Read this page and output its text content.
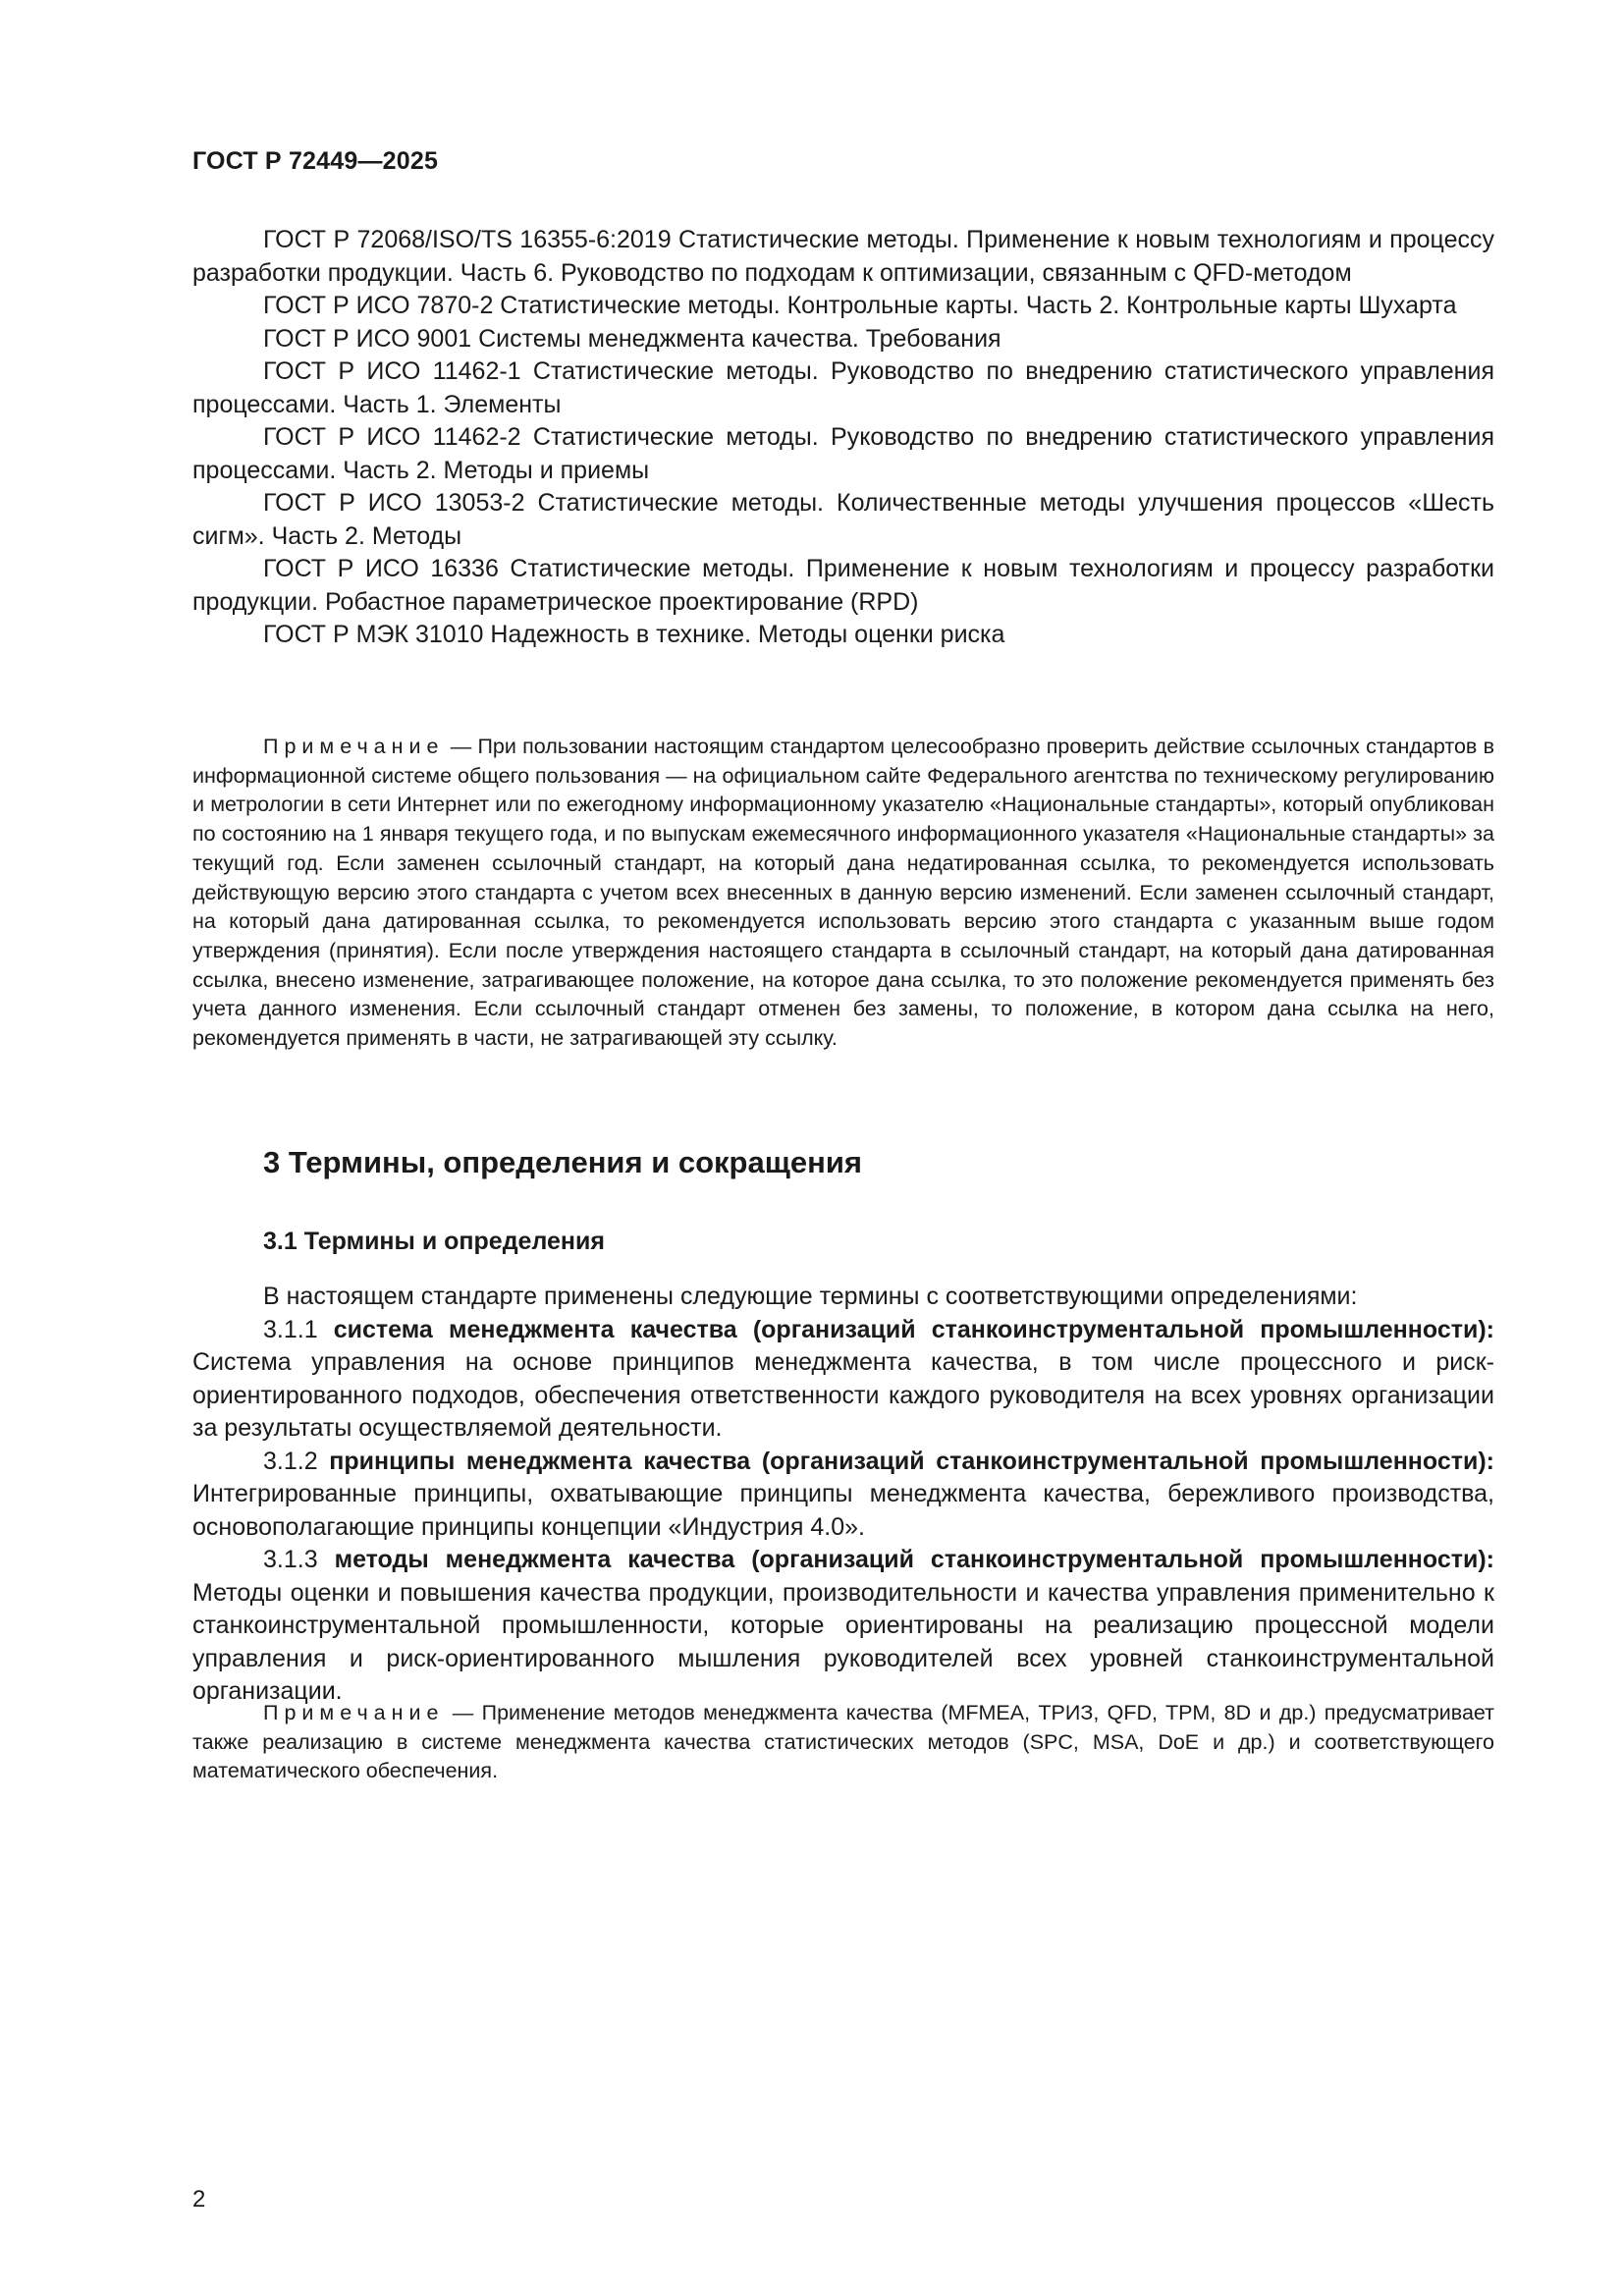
ГОСТ Р 72449—2025

ГОСТ Р 72068/ISO/TS 16355-6:2019 Статистические методы. Применение к новым технологиям и процессу разработки продукции. Часть 6. Руководство по подходам к оптимизации, связанным с QFD-методом

ГОСТ Р ИСО 7870-2 Статистические методы. Контрольные карты. Часть 2. Контрольные карты Шухарта

ГОСТ Р ИСО 9001 Системы менеджмента качества. Требования

ГОСТ Р ИСО 11462-1 Статистические методы. Руководство по внедрению статистического управления процессами. Часть 1. Элементы

ГОСТ Р ИСО 11462-2 Статистические методы. Руководство по внедрению статистического управления процессами. Часть 2. Методы и приемы

ГОСТ Р ИСО 13053-2 Статистические методы. Количественные методы улучшения процессов «Шесть сигм». Часть 2. Методы

ГОСТ Р ИСО 16336 Статистические методы. Применение к новым технологиям и процессу разработки продукции. Робастное параметрическое проектирование (RPD)

ГОСТ Р МЭК 31010 Надежность в технике. Методы оценки риска

Примечание — При пользовании настоящим стандартом целесообразно проверить действие ссылочных стандартов в информационной системе общего пользования — на официальном сайте Федерального агентства по техническому регулированию и метрологии в сети Интернет или по ежегодному информационному указателю «Национальные стандарты», который опубликован по состоянию на 1 января текущего года, и по выпускам ежемесячного информационного указателя «Национальные стандарты» за текущий год. Если заменен ссылочный стандарт, на который дана недатированная ссылка, то рекомендуется использовать действующую версию этого стандарта с учетом всех внесенных в данную версию изменений. Если заменен ссылочный стандарт, на который дана датированная ссылка, то рекомендуется использовать версию этого стандарта с указанным выше годом утверждения (принятия). Если после утверждения настоящего стандарта в ссылочный стандарт, на который дана датированная ссылка, внесено изменение, затрагивающее положение, на которое дана ссылка, то это положение рекомендуется применять без учета данного изменения. Если ссылочный стандарт отменен без замены, то положение, в котором дана ссылка на него, рекомендуется применять в части, не затрагивающей эту ссылку.

3 Термины, определения и сокращения
3.1 Термины и определения

В настоящем стандарте применены следующие термины с соответствующими определениями:

3.1.1 система менеджмента качества (организаций станкоинструментальной промышленности): Система управления на основе принципов менеджмента качества, в том числе процессного и риск-ориентированного подходов, обеспечения ответственности каждого руководителя на всех уровнях организации за результаты осуществляемой деятельности.

3.1.2 принципы менеджмента качества (организаций станкоинструментальной промышленности): Интегрированные принципы, охватывающие принципы менеджмента качества, бережливого производства, основополагающие принципы концепции «Индустрия 4.0».

3.1.3 методы менеджмента качества (организаций станкоинструментальной промышленности): Методы оценки и повышения качества продукции, производительности и качества управления применительно к станкоинструментальной промышленности, которые ориентированы на реализацию процессной модели управления и риск-ориентированного мышления руководителей всех уровней станкоинструментальной организации.

Примечание — Применение методов менеджмента качества (MFMEA, ТРИЗ, QFD, TPM, 8D и др.) предусматривает также реализацию в системе менеджмента качества статистических методов (SPC, MSA, DoE и др.) и соответствующего математического обеспечения.

2
